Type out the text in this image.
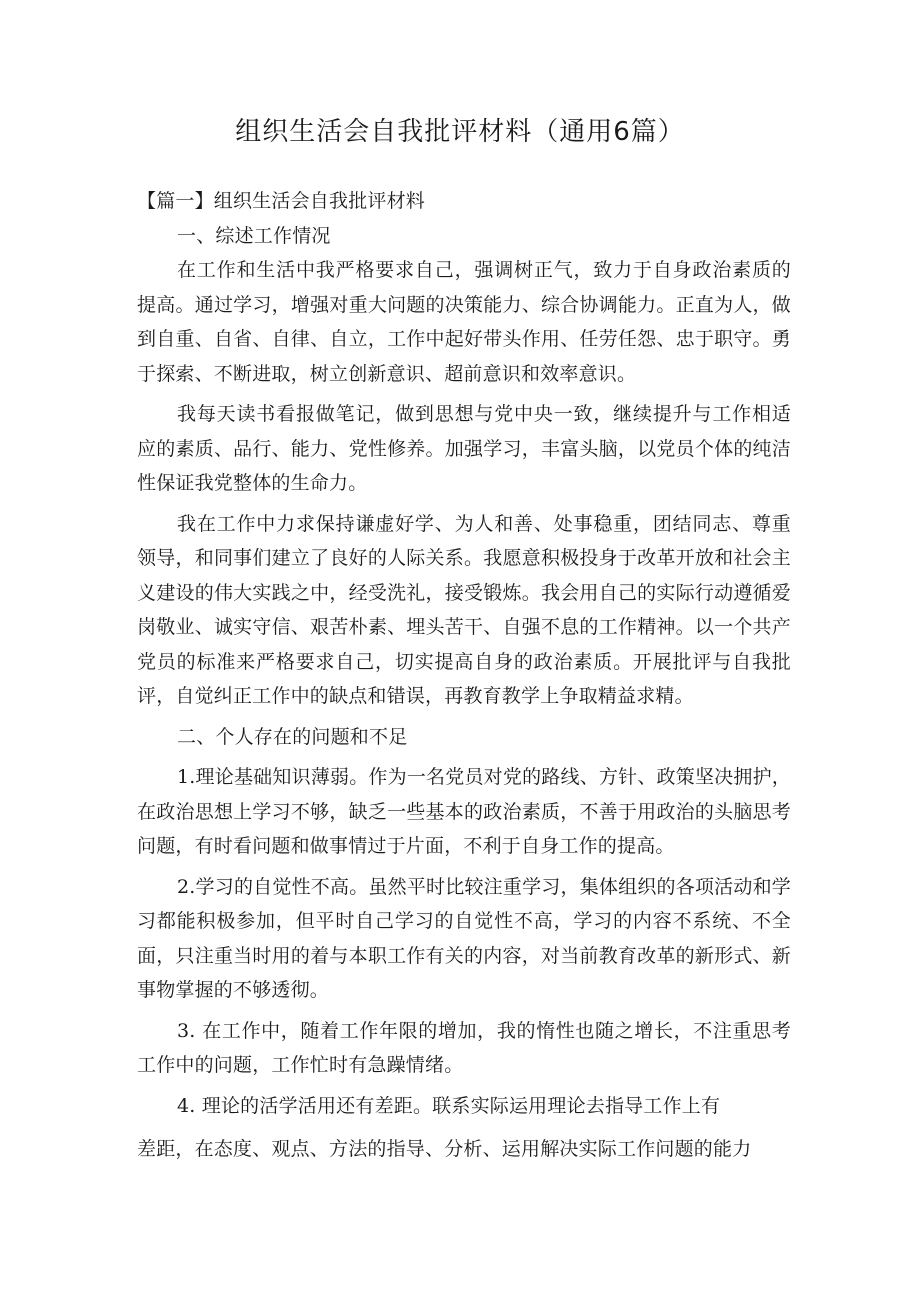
组织生活会自我批评材料（通用6篇）

【篇一】组织生活会自我批评材料

一、综述工作情况

在工作和生活中我严格要求自己，强调树正气，致力于自身政治素质的提高。通过学习，增强对重大问题的决策能力、综合协调能力。正直为人，做到自重、自省、自律、自立，工作中起好带头作用、任劳任怨、忠于职守。勇于探索、不断进取，树立创新意识、超前意识和效率意识。

我每天读书看报做笔记，做到思想与党中央一致，继续提升与工作相适应的素质、品行、能力、党性修养。加强学习，丰富头脑，以党员个体的纯洁性保证我党整体的生命力。

我在工作中力求保持谦虚好学、为人和善、处事稳重，团结同志、尊重领导，和同事们建立了良好的人际关系。我愿意积极投身于改革开放和社会主义建设的伟大实践之中，经受洗礼，接受锻炼。我会用自己的实际行动遵循爱岗敬业、诚实守信、艰苦朴素、埋头苦干、自强不息的工作精神。以一个共产党员的标准来严格要求自己，切实提高自身的政治素质。开展批评与自我批评，自觉纠正工作中的缺点和错误，再教育教学上争取精益求精。

二、个人存在的问题和不足

1.理论基础知识薄弱。作为一名党员对党的路线、方针、政策坚决拥护，在政治思想上学习不够，缺乏一些基本的政治素质，不善于用政治的头脑思考问题，有时看问题和做事情过于片面，不利于自身工作的提高。

2.学习的自觉性不高。虽然平时比较注重学习，集体组织的各项活动和学习都能积极参加，但平时自己学习的自觉性不高，学习的内容不系统、不全面，只注重当时用的着与本职工作有关的内容，对当前教育改革的新形式、新事物掌握的不够透彻。

3. 在工作中，随着工作年限的增加，我的惰性也随之增长，不注重思考工作中的问题，工作忙时有急躁情绪。

4. 理论的活学活用还有差距。联系实际运用理论去指导工作上有

差距，在态度、观点、方法的指导、分析、运用解决实际工作问题的能力
